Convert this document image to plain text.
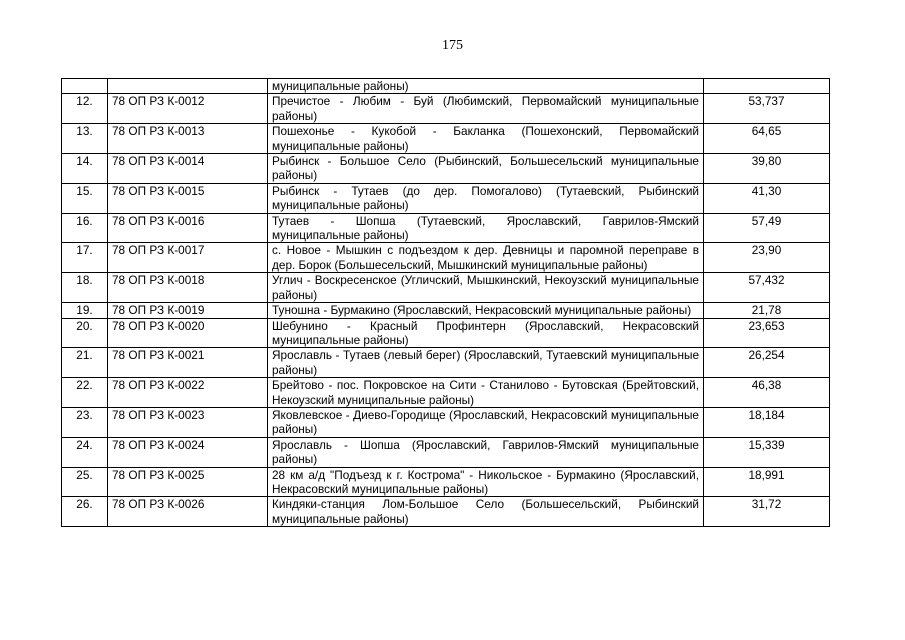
175
		муниципальные районы)	
12.	78 ОП РЗ К-0012	Пречистое - Любим - Буй (Любимский, Первомайский муниципальные районы)	53,737
13.	78 ОП РЗ К-0013	Пошехонье - Кукобой - Бакланка (Пошехонский, Первомайский муниципальные районы)	64,65
14.	78 ОП РЗ К-0014	Рыбинск - Большое Село (Рыбинский, Большесельский муниципальные районы)	39,80
15.	78 ОП РЗ К-0015	Рыбинск - Тутаев (до дер. Помогалово) (Тутаевский, Рыбинский муниципальные районы)	41,30
16.	78 ОП РЗ К-0016	Тутаев - Шопша (Тутаевский, Ярославский, Гаврилов-Ямский муниципальные районы)	57,49
17.	78 ОП РЗ К-0017	с. Новое - Мышкин с подъездом к дер. Девницы и паромной переправе в дер. Борок (Большесельский, Мышкинский муниципальные районы)	23,90
18.	78 ОП РЗ К-0018	Углич - Воскресенское (Угличский, Мышкинский, Некоузский муниципальные районы)	57,432
19.	78 ОП РЗ К-0019	Туношна - Бурмакино (Ярославский, Некрасовский муниципальные районы)	21,78
20.	78 ОП РЗ К-0020	Шебунино - Красный Профинтерн (Ярославский, Некрасовский муниципальные районы)	23,653
21.	78 ОП РЗ К-0021	Ярославль - Тутаев (левый берег) (Ярославский, Тутаевский муниципальные районы)	26,254
22.	78 ОП РЗ К-0022	Брейтово - пос. Покровское на Сити - Станилово - Бутовская (Брейтовский, Некоузский муниципальные районы)	46,38
23.	78 ОП РЗ К-0023	Яковлевское - Диево-Городище (Ярославский, Некрасовский муниципальные районы)	18,184
24.	78 ОП РЗ К-0024	Ярославль - Шопша (Ярославский, Гаврилов-Ямский муниципальные районы)	15,339
25.	78 ОП РЗ К-0025	28 км а/д "Подъезд к г. Кострома" - Никольское - Бурмакино (Ярославский, Некрасовский муниципальные районы)	18,991
26.	78 ОП РЗ К-0026	Киндяки-станция Лом-Большое Село (Большесельский, Рыбинский муниципальные районы)	31,72
